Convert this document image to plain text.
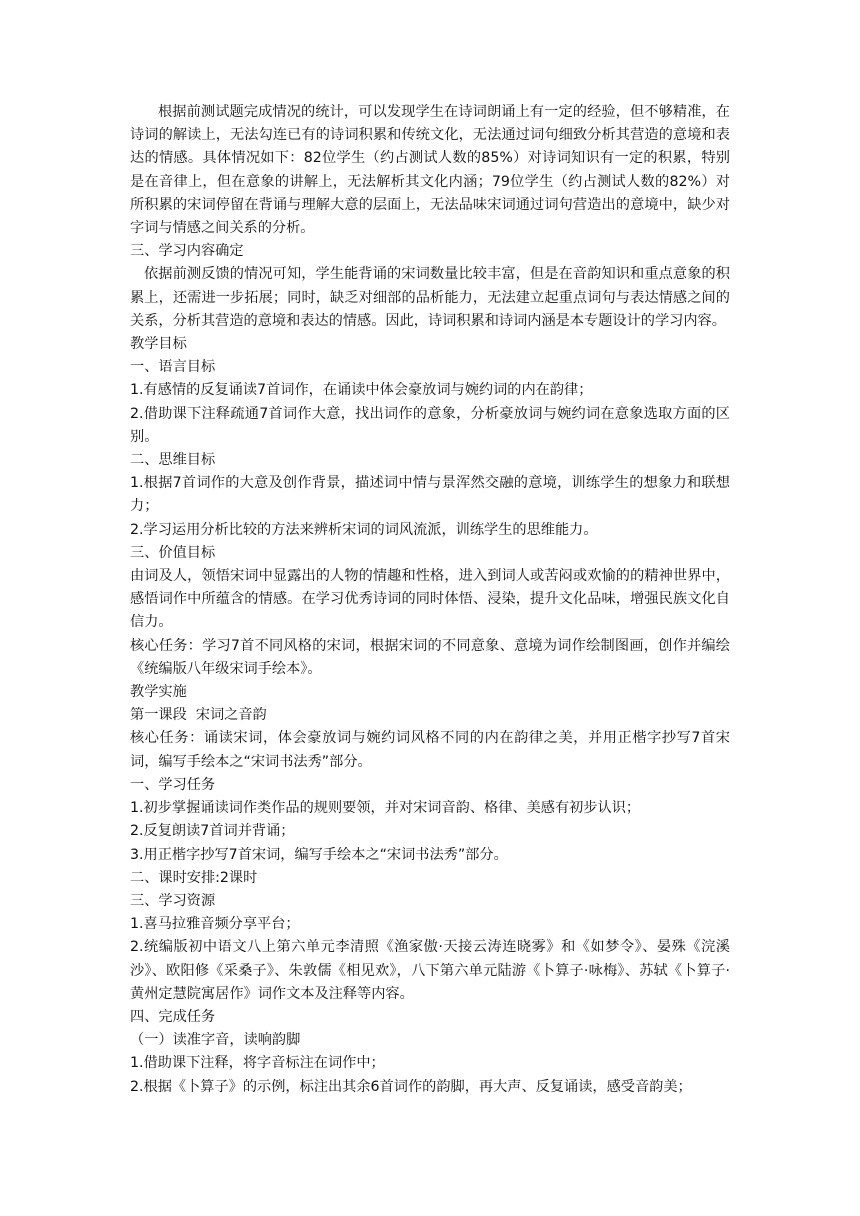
根据前测试题完成情况的统计，可以发现学生在诗词朗诵上有一定的经验，但不够精准，在诗词的解读上，无法勾连已有的诗词积累和传统文化，无法通过词句细致分析其营造的意境和表达的情感。具体情况如下：82位学生（约占测试人数的85%）对诗词知识有一定的积累，特别是在音律上，但在意象的讲解上，无法解析其文化内涵；79位学生（约占测试人数的82%）对所积累的宋词停留在背诵与理解大意的层面上，无法品味宋词通过词句营造出的意境中，缺少对字词与情感之间关系的分析。

三、学习内容确定

依据前测反馈的情况可知，学生能背诵的宋词数量比较丰富，但是在音韵知识和重点意象的积累上，还需进一步拓展；同时，缺乏对细部的品析能力，无法建立起重点词句与表达情感之间的关系，分析其营造的意境和表达的情感。因此，诗词积累和诗词内涵是本专题设计的学习内容。

教学目标

一、语言目标

1.有感情的反复诵读7首词作，在诵读中体会豪放词与婉约词的内在韵律；

2.借助课下注释疏通7首词作大意，找出词作的意象，分析豪放词与婉约词在意象选取方面的区别。

二、思维目标

1.根据7首词作的大意及创作背景，描述词中情与景浑然交融的意境，训练学生的想象力和联想力；

2.学习运用分析比较的方法来辨析宋词的词风流派，训练学生的思维能力。

三、价值目标

由词及人，领悟宋词中显露出的人物的情趣和性格，进入到词人或苦闷或欢愉的的精神世界中，感悟词作中所蕴含的情感。在学习优秀诗词的同时体悟、浸染，提升文化品味，增强民族文化自信力。

核心任务：学习7首不同风格的宋词，根据宋词的不同意象、意境为词作绘制图画，创作并编绘《统编版八年级宋词手绘本》。

教学实施

第一课段  宋词之音韵

核心任务：诵读宋词，体会豪放词与婉约词风格不同的内在韵律之美，并用正楷字抄写7首宋词，编写手绘本之“宋词书法秀”部分。

一、学习任务

1.初步掌握诵读词作类作品的规则要领，并对宋词音韵、格律、美感有初步认识；

2.反复朗读7首词并背诵；

3.用正楷字抄写7首宋词，编写手绘本之“宋词书法秀”部分。

二、课时安排:2课时

三、学习资源

1.喜马拉雅音频分享平台；

2.统编版初中语文八上第六单元李清照《渔家傲·天接云涛连晓雾》和《如梦令》、晏殊《浣溪沙》、欧阳修《采桑子》、朱敦儒《相见欢》，八下第六单元陆游《卜算子·咏梅》、苏轼《卜算子·黄州定慧院寓居作》词作文本及注释等内容。

四、完成任务

（一）读准字音，读响韵脚

1.借助课下注释，将字音标注在词作中；

2.根据《卜算子》的示例，标注出其余6首词作的韵脚，再大声、反复诵读，感受音韵美；
